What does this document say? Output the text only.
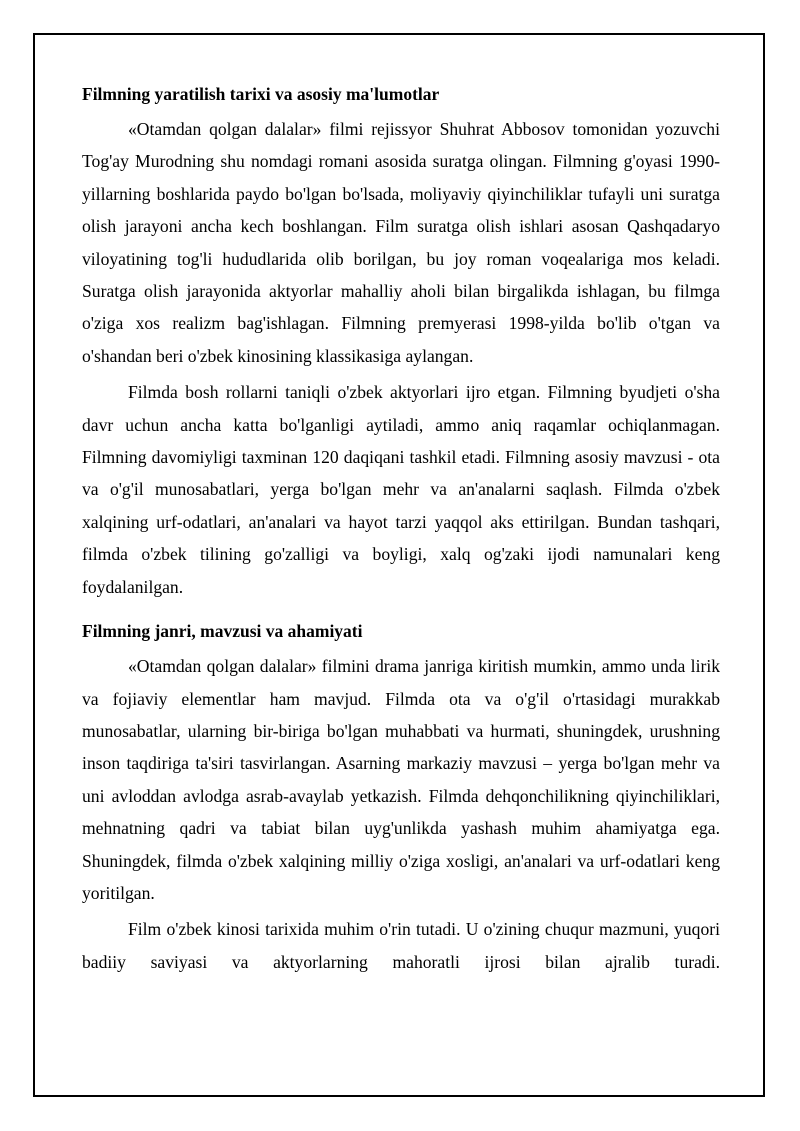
Filmning yaratilish tarixi va asosiy ma'lumotlar

«Otamdan qolgan dalalar» filmi rejissyor Shuhrat Abbosov tomonidan yozuvchi Tog'ay Murodning shu nomdagi romani asosida suratga olingan. Filmning g'oyasi 1990-yillarning boshlarida paydo bo'lgan bo'lsada, moliyaviy qiyinchiliklar tufayli uni suratga olish jarayoni ancha kech boshlangan. Film suratga olish ishlari asosan Qashqadaryo viloyatining tog'li hududlarida olib borilgan, bu joy roman voqealariga mos keladi. Suratga olish jarayonida aktyorlar mahalliy aholi bilan birgalikda ishlagan, bu filmga o'ziga xos realizm bag'ishlagan. Filmning premyerasi 1998-yilda bo'lib o'tgan va o'shandan beri o'zbek kinosining klassikasiga aylangan.

Filmda bosh rollarni taniqli o'zbek aktyorlari ijro etgan. Filmning byudjeti o'sha davr uchun ancha katta bo'lganligi aytiladi, ammo aniq raqamlar ochiqlanmagan. Filmning davomiyligi taxminan 120 daqiqani tashkil etadi. Filmning asosiy mavzusi - ota va o'g'il munosabatlari, yerga bo'lgan mehr va an'analarni saqlash. Filmda o'zbek xalqining urf-odatlari, an'analari va hayot tarzi yaqqol aks ettirilgan. Bundan tashqari, filmda o'zbek tilining go'zalligi va boyligi, xalq og'zaki ijodi namunalari keng foydalanilgan.

Filmning janri, mavzusi va ahamiyati

«Otamdan qolgan dalalar» filmini drama janriga kiritish mumkin, ammo unda lirik va fojiaviy elementlar ham mavjud. Filmda ota va o'g'il o'rtasidagi murakkab munosabatlar, ularning bir-biriga bo'lgan muhabbati va hurmati, shuningdek, urushning inson taqdiriga ta'siri tasvirlangan. Asarning markaziy mavzusi – yerga bo'lgan mehr va uni avloddan avlodga asrab-avaylab yetkazish. Filmda dehqonchilikning qiyinchiliklari, mehnatning qadri va tabiat bilan uyg'unlikda yashash muhim ahamiyatga ega. Shuningdek, filmda o'zbek xalqining milliy o'ziga xosligi, an'analari va urf-odatlari keng yoritilgan.

Film o'zbek kinosi tarixida muhim o'rin tutadi. U o'zining chuqur mazmuni, yuqori badiiy saviyasi va aktyorlarning mahoratli ijrosi bilan ajralib turadi.
